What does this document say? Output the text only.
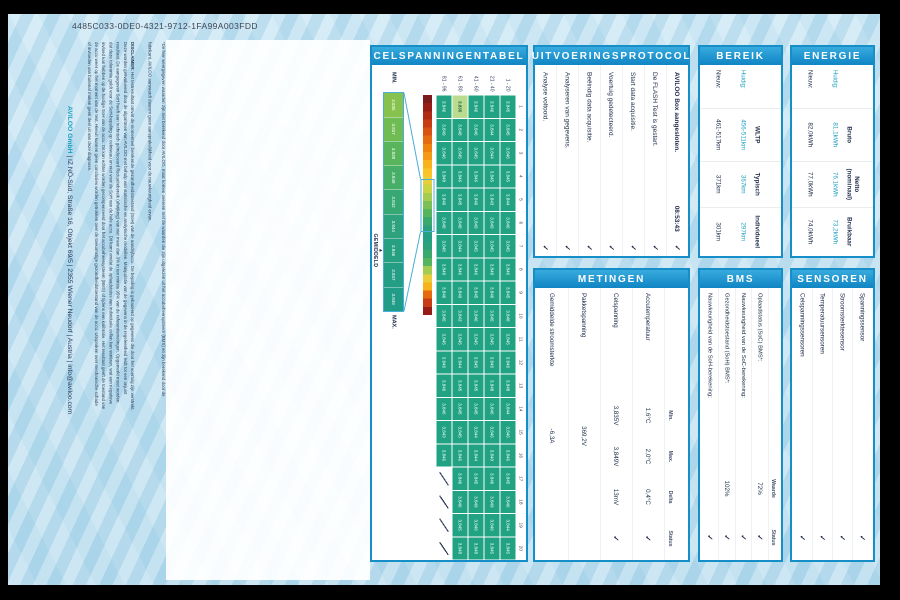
4485C033-0DE0-4321-9712-1FA99A003FDD
AVILOO GmbH | IZ NÖ-Süd, Straße 16, Objekt 69/5 | 2355 Wiener Neudorf | Austria | info@aviloo.com
DISCLAIMER: Het testresultaat omvat de momenteel berekende gezondheidstoestand (SoH) van de aandrijfaccu. De bepaling is gebaseerd op gegevens die door het voertuig zijn verstrekt.
Deze worden geëvalueerd door de algoritmen van AVILOO met behulp van statistische en analytische modellen. Manipulatie van de gegevens in de regeleenheid leidt tot een onjuist
resultaat. De aangegeven SoH heeft een technisch geïnduceerd fluctuatiebereik (afwijking) van niet meer dan 3% in ten minste 95% van de referentiemetingen. Opgemerkt moet worden
dat deze tolerantie geldt voor de SoH-bepaling op celniveau en niet voor de SoH van de hele accu. Dit komt omdat de oplaadstatus van individuele cellen kan variëren, wat een negatieve
invloed kan hebben op de huidige SoH van de accu. Dit kan echter worden gecompenseerd door het accubeheersysteem (BMS) of tijdens een kalibratie. Het resultaat geeft de toestand van
de accu weer op het moment van de test. Hieruit kunnen geen conclusies worden getrokken over de toekomstige gezondheidstoestand van de accu. Uitspraken over mechanische schade
of invloeden van buitenaf maken geen deel uit van deze diagnose.	*De hier weergegeven waarden zijn niet berekend door AVILOO, maar komen overeen met de waarden die zijn uitgelezen uit het accubeheersysteem (BMS) en zijn berekend door de
fabrikant. AVILOO aanvaardt daarom geen aansprakelijkheid voor de nauwkeurigheid ervan.	CELSPANNINGENTABEL
1
2
3
4
5
6
7
8
9
10
11
12
13
14
15
16
17
18
19
20
1 - 20
3.845
3.845
3.846
3.845
3.844
3.846
3.845
3.846
3.845
3.848
3.845
3.846
3.848
3.844
3.846
3.846
3.845
3.846
3.844
3.845
21 - 40
3.846
3.844
3.844
3.845
3.843
3.849
3.845
3.848
3.846
3.845
3.845
3.846
3.848
3.846
3.846
3.840
3.846
3.849
3.846
3.845
41 - 60
3.846
3.846
3.845
3.846
3.846
3.849
3.845
3.846
3.845
3.846
3.845
3.845
3.845
3.845
3.844
3.844
3.845
3.849
3.846
3.848
61 - 80
3.835
3.848
3.845
3.846
3.845
3.848
3.844
3.846
3.849
3.843
3.845
3.844
3.845
3.845
3.845
3.846
3.846
3.846
3.845
3.848
81 - 96
3.846
3.849
3.846
3.848
3.846
3.848
3.848
3.848
3.846
3.845
3.845
3.846
3.846
3.846
3.843
3.846
MIN.
MAX.
3.835
3.837
3.838
3.840
3.842
3.844
3.846
3.847
3.849
▲
GEMIDDELD
UITVOERINGSPROTOCOL
AVILOO Box aangesloten.
08:53:43
✓
De FLASH Test is gestart.
✓
Start data acquisitie.
✓
Voertuig gedetecteerd.
✓
Beëindig data acquisitie.
✓
Analyseren van gegevens.
✓
Analyse voltooid.
✓
BEREIK
WLTP
Typisch
Individueel
Huidig:
456-511km
367km
297km
Nieuw:
461-517km
371km
301km
ENERGIE
Bruto
Netto (nominaal)
Bruikbaar
Huidig:
81,1kWh
76,1kWh
73,2kWh
Nieuw:
82,0kWh
77,0kWh
74,0kWh
METINGEN
Min.
Max.
Delta
Status
Accutemperatuur
1,6°C
2,0°C
0,4°C
✓
Celspanning
3,835V
3,849V
13mV
✓
Pakketspanning
369,2V
Gemiddelde stroomsterkte
-6,3A
BMS
Waarde
Status
Oplaadstatus (SoC) BMS*:
72%
✓
Nauwkeurigheid van de SoC-berekening:
✓
Gezondheidstoestand (SoH) BMS*:
102%
✓
Nauwkeurigheid van de SoH-berekening:
✓
SENSOREN
Spanningssensor
✓
Stroomsterktesensor
✓
Temperatuursensoren
✓
Celspanningssensoren
✓
